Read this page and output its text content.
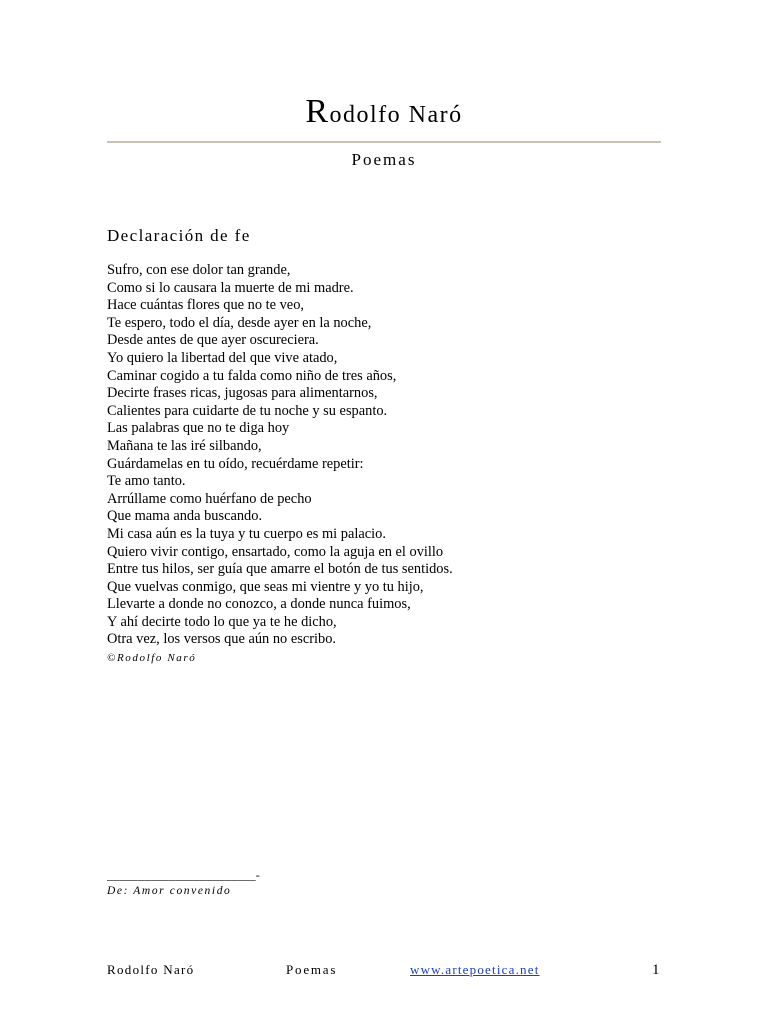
Rodolfo Naró
Poemas
Declaración de fe
Sufro, con ese dolor tan grande,
Como si lo causara la muerte de mi madre.
Hace cuántas flores que no te veo,
Te espero, todo el día, desde ayer en la noche,
Desde antes de que ayer oscureciera.
Yo quiero la libertad del que vive atado,
Caminar cogido a tu falda como niño de tres años,
Decirte frases ricas, jugosas para alimentarnos,
Calientes para cuidarte de tu noche y su espanto.
Las palabras que no te diga hoy
Mañana te las iré silbando,
Guárdamelas en tu oído, recuérdame repetir:
Te amo tanto.
Arrúllame como huérfano de pecho
Que mama anda buscando.
Mi casa aún es la tuya y tu cuerpo es mi palacio.
Quiero vivir contigo, ensartado, como la aguja en el ovillo
Entre tus hilos, ser guía que amarre el botón de tus sentidos.
Que vuelvas conmigo, que seas mi vientre y yo tu hijo,
Llevarte a donde no conozco, a donde nunca fuimos,
Y ahí decirte todo lo que ya te he dicho,
Otra vez, los versos que aún no escribo.
©Rodolfo Naró
________________________-
De: Amor convenido
Rodolfo Naró	Poemas	www.artepoetica.net	1
